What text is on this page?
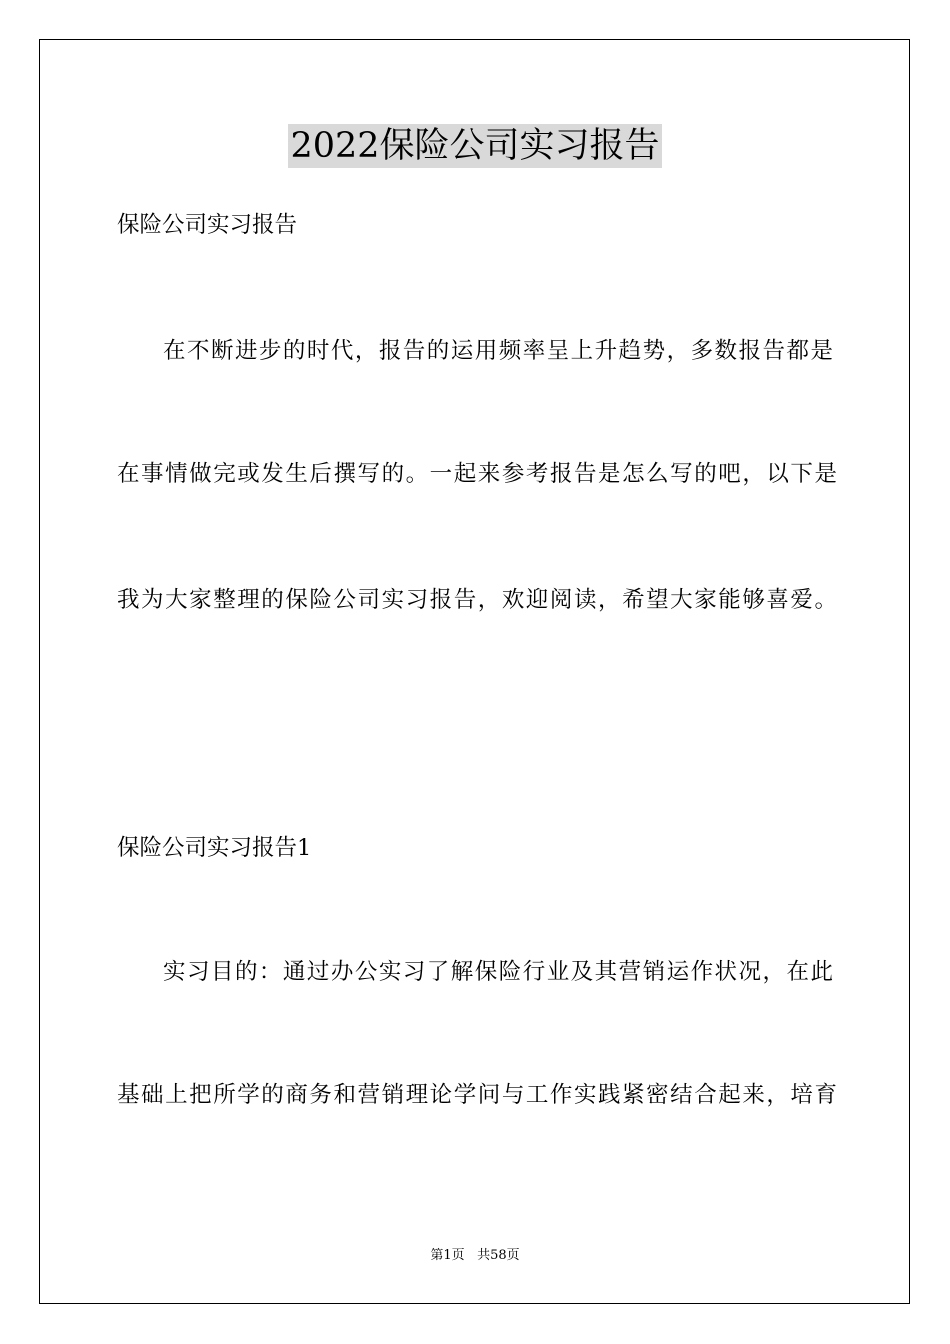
2022保险公司实习报告

保险公司实习报告

在不断进步的时代，报告的运用频率呈上升趋势，多数报告都是

在事情做完或发生后撰写的。一起来参考报告是怎么写的吧，以下是

我为大家整理的保险公司实习报告，欢迎阅读，希望大家能够喜爱。

保险公司实习报告1

实习目的：通过办公实习了解保险行业及其营销运作状况，在此

基础上把所学的商务和营销理论学问与工作实践紧密结合起来，培育

第1页 共58页
